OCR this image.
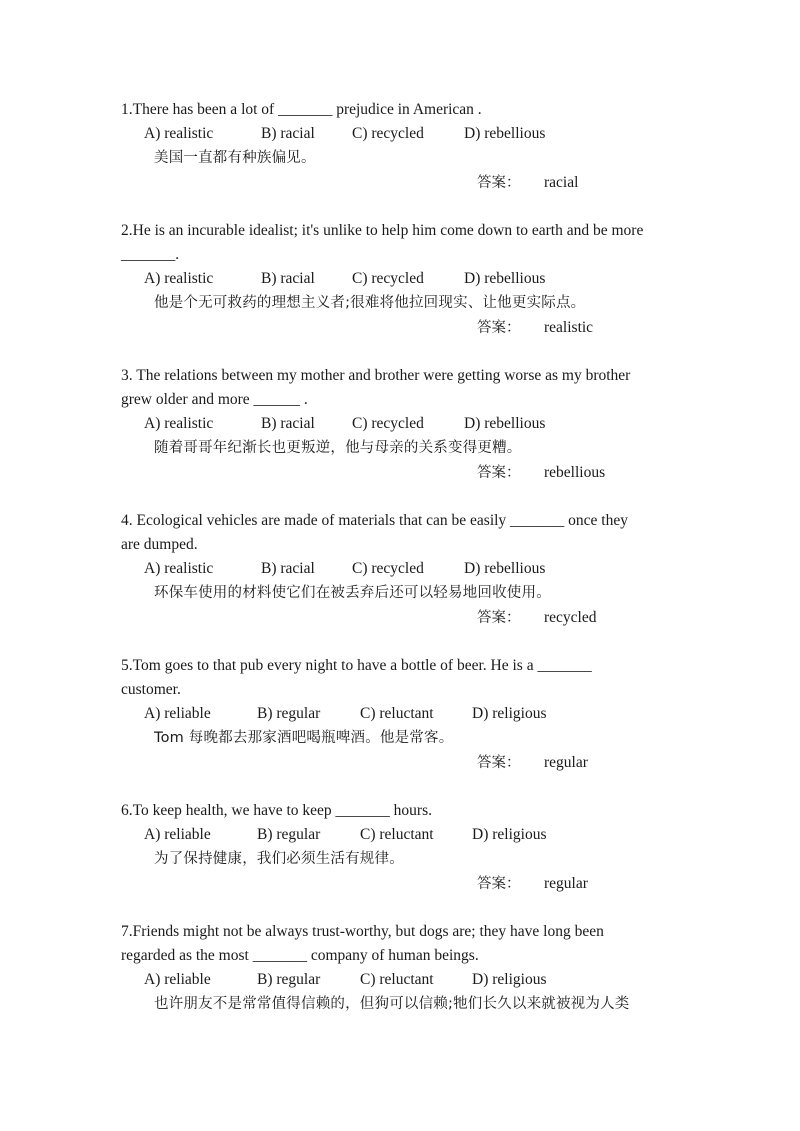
1.There has been a lot of _______ prejudice in American .
A) realistic	B) racial C) recycled	D) rebellious
美国一直都有种族偏见。
答案： racial
2.He is an incurable idealist; it's unlike to help him come down to earth and be more
_______.
A) realistic	B) racial C) recycled	D) rebellious
他是个无可救药的理想主义者;很难将他拉回现实、让他更实际点。
答案： realistic
3. The relations between my mother and brother were getting worse as my brother
grew older and more ______ .
A) realistic	B) racial C) recycled	D) rebellious
随着哥哥年纪渐长也更叛逆，他与母亲的关系变得更糟。
答案： rebellious
4. Ecological vehicles are made of materials that can be easily _______ once they
are dumped.
A) realistic	B) racial C) recycled	D) rebellious
环保车使用的材料使它们在被丢弃后还可以轻易地回收使用。
答案： recycled
5.Tom goes to that pub every night to have a bottle of beer. He is a _______
customer.
A) reliable	B) regular	C) reluctant D) religious
Tom 每晚都去那家酒吧喝瓶啤酒。他是常客。
答案： regular
6.To keep health, we have to keep _______ hours.
A) reliable	B) regular	C) reluctant D) religious
为了保持健康，我们必须生活有规律。
答案： regular
7.Friends might not be always trust-worthy, but dogs are; they have long been
regarded as the most _______ company of human beings.
A) reliable	B) regular	C) reluctant D) religious
也许朋友不是常常值得信赖的，但狗可以信赖;牠们长久以来就被视为人类
